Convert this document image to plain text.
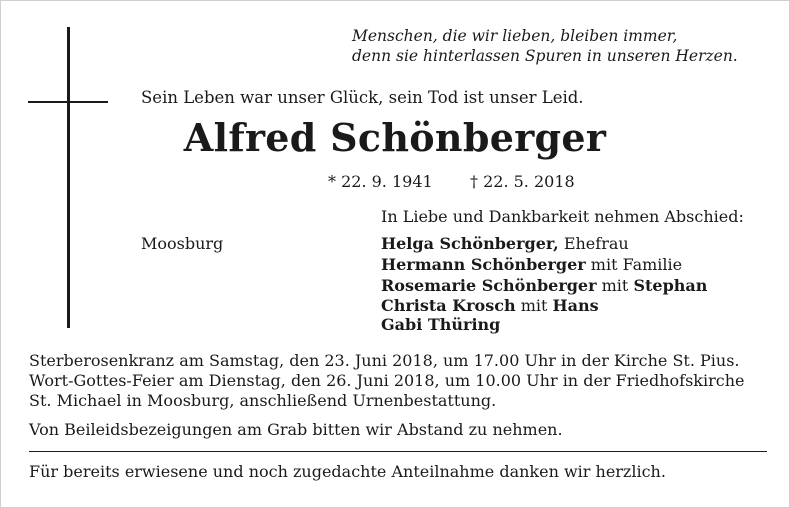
Menschen, die wir lieben, bleiben immer,
denn sie hinterlassen Spuren in unseren Herzen.
Sein Leben war unser Glück, sein Tod ist unser Leid.
Alfred Schönberger
* 22. 9. 1941 † 22. 5. 2018
In Liebe und Dankbarkeit nehmen Abschied:
Moosburg	Helga Schönberger, Ehefrau
Hermann Schönberger mit Familie
Rosemarie Schönberger mit Stephan
Christa Krosch mit Hans
Gabi Thüring
Sterberosenkranz am Samstag, den 23. Juni 2018, um 17.00 Uhr in der Kirche St. Pius.
Wort-Gottes-Feier am Dienstag, den 26. Juni 2018, um 10.00 Uhr in der Friedhofskirche
St. Michael in Moosburg, anschließend Urnenbestattung.
Von Beileidsbezeigungen am Grab bitten wir Abstand zu nehmen.
Für bereits erwiesene und noch zugedachte Anteilnahme danken wir herzlich.
